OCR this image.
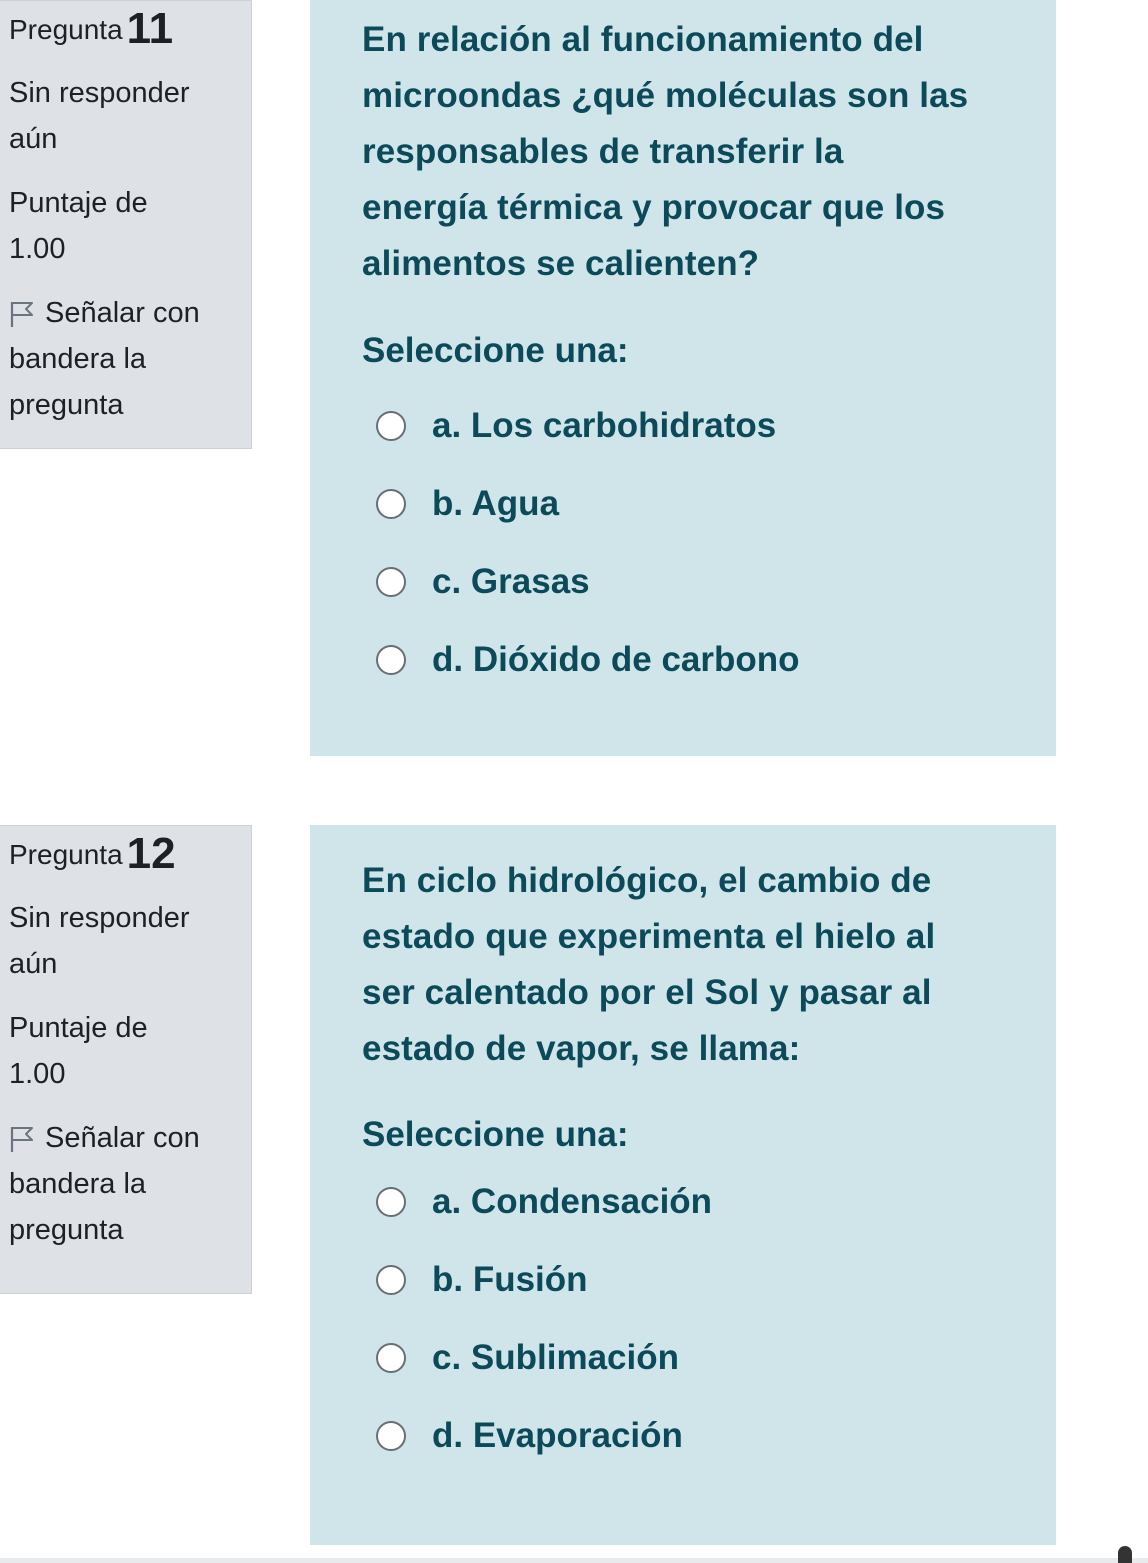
Pregunta11
Sin responder
aún
Puntaje de
1.00
Señalar con
bandera la
pregunta
En relación al funcionamiento del
microondas ¿qué moléculas son las
responsables de transferir la
energía térmica y provocar que los
alimentos se calienten?
Seleccione una:
a. Los carbohidratos
b. Agua
c. Grasas
d. Dióxido de carbono
Pregunta12
Sin responder
aún
Puntaje de
1.00
Señalar con
bandera la
pregunta
En ciclo hidrológico, el cambio de
estado que experimenta el hielo al
ser calentado por el Sol y pasar al
estado de vapor, se llama:
Seleccione una:
a. Condensación
b. Fusión
c. Sublimación
d. Evaporación
